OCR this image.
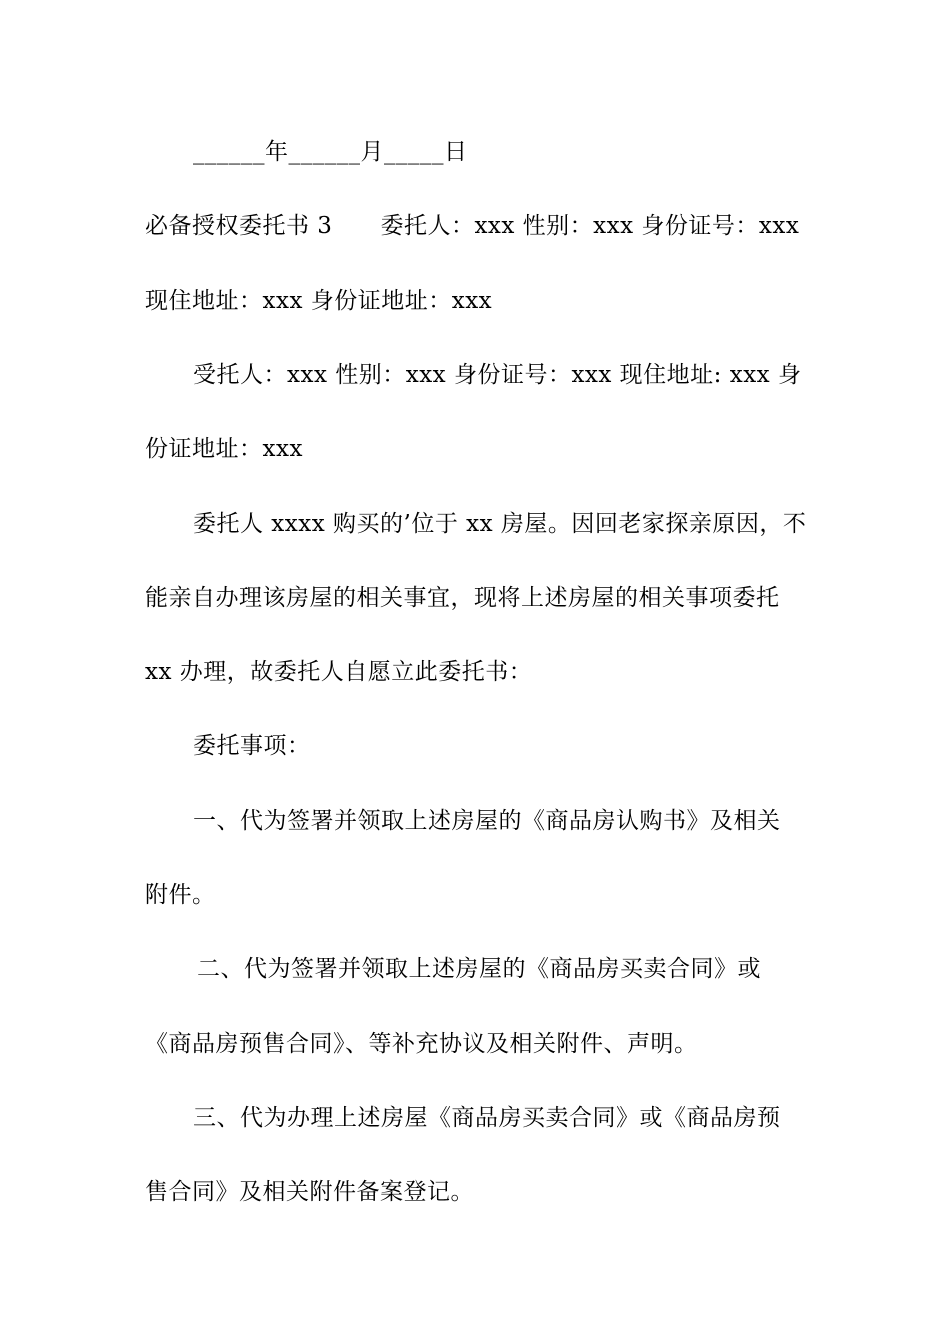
______年______月_____日
必备授权委托书 3 委托人：xxx 性别：xxx 身份证号：xxx
现住地址：xxx 身份证地址：xxx
受托人：xxx 性别：xxx 身份证号：xxx 现住地址: xxx 身
份证地址：xxx
委托人 xxxx 购买的’位于 xx 房屋。因回老家探亲原因，不
能亲自办理该房屋的相关事宜，现将上述房屋的相关事项委托
xx 办理，故委托人自愿立此委托书：
委托事项：
一、代为签署并领取上述房屋的《商品房认购书》及相关
附件。
二、代为签署并领取上述房屋的《商品房买卖合同》或
《商品房预售合同》、等补充协议及相关附件、声明。
三、代为办理上述房屋《商品房买卖合同》或《商品房预
售合同》及相关附件备案登记。
